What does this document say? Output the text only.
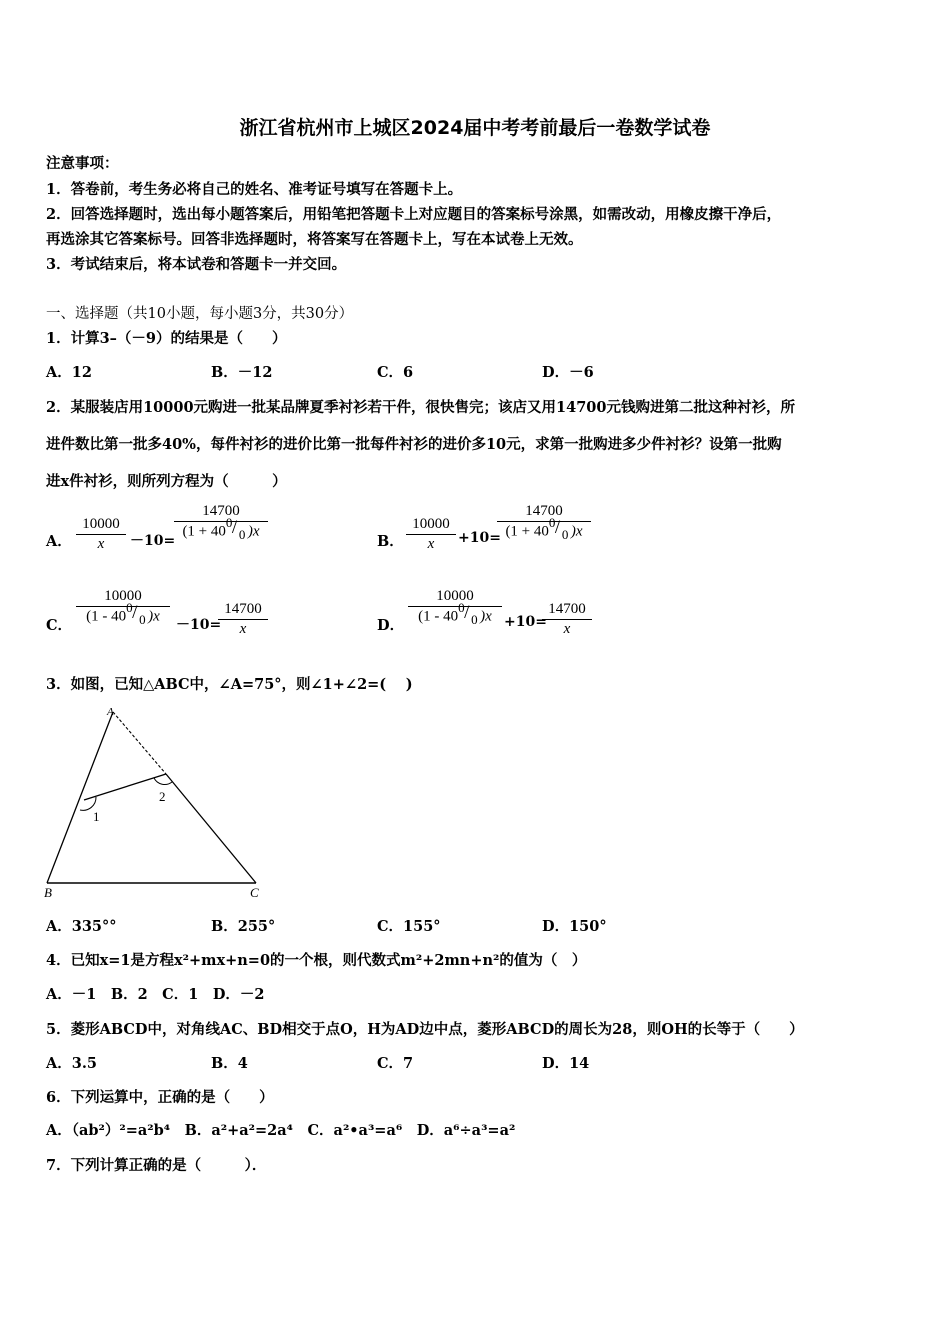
浙江省杭州市上城区2024届中考考前最后一卷数学试卷
注意事项：
1．答卷前，考生务必将自己的姓名、准考证号填写在答题卡上。
2．回答选择题时，选出每小题答案后，用铅笔把答题卡上对应题目的答案标号涂黑，如需改动，用橡皮擦干净后，
再选涂其它答案标号。回答非选择题时，将答案写在答题卡上，写在本试卷上无效。
3．考试结束后，将本试卷和答题卡一并交回。
一、选择题（共10小题，每小题3分，共30分）
1．计算3–（－9）的结果是（　　）
A．12	B．－12	C．6	D．－6
2．某服装店用10000元购进一批某品牌夏季衬衫若干件，很快售完；该店又用14700元钱购进第二批这种衬衫，所
进件数比第一批多40%，每件衬衫的进价比第一批每件衬衫的进价多10元，求第一批购进多少件衬衫？设第一批购
进x件衬衫，则所列方程为（　　　）
A．
10000
x	－10=
14700
(1 + 40
0 / 0 )x
B．
10000
x	+10=
14700
(1 + 40
0 / 0 )x
C．
10000
(1 - 40
0 / 0 )x
－10=
14700
x	D．
10000
(1 - 40
0 / 0 )x +10=
14700
x
3．如图，已知△ABC中，∠A=75°，则∠1+∠2=(　 )
A
B	C
1
2
A．335°°	B．255°	C．155°	D．150°
4．已知x=1是方程x²+mx+n=0的一个根，则代数式m²+2mn+n²的值为（　）
A．－1　B．2　C．1　D．－2
5．菱形ABCD中，对角线AC、BD相交于点O，H为AD边中点，菱形ABCD的周长为28，则OH的长等于（　　）
A．3.5	B．4	C．7	D．14
6．下列运算中，正确的是（　　）
A．（ab²）²=a²b⁴　B．a²+a²=2a⁴　C．a²•a³=a⁶　D．a⁶÷a³=a²
7．下列计算正确的是（　　　）．
